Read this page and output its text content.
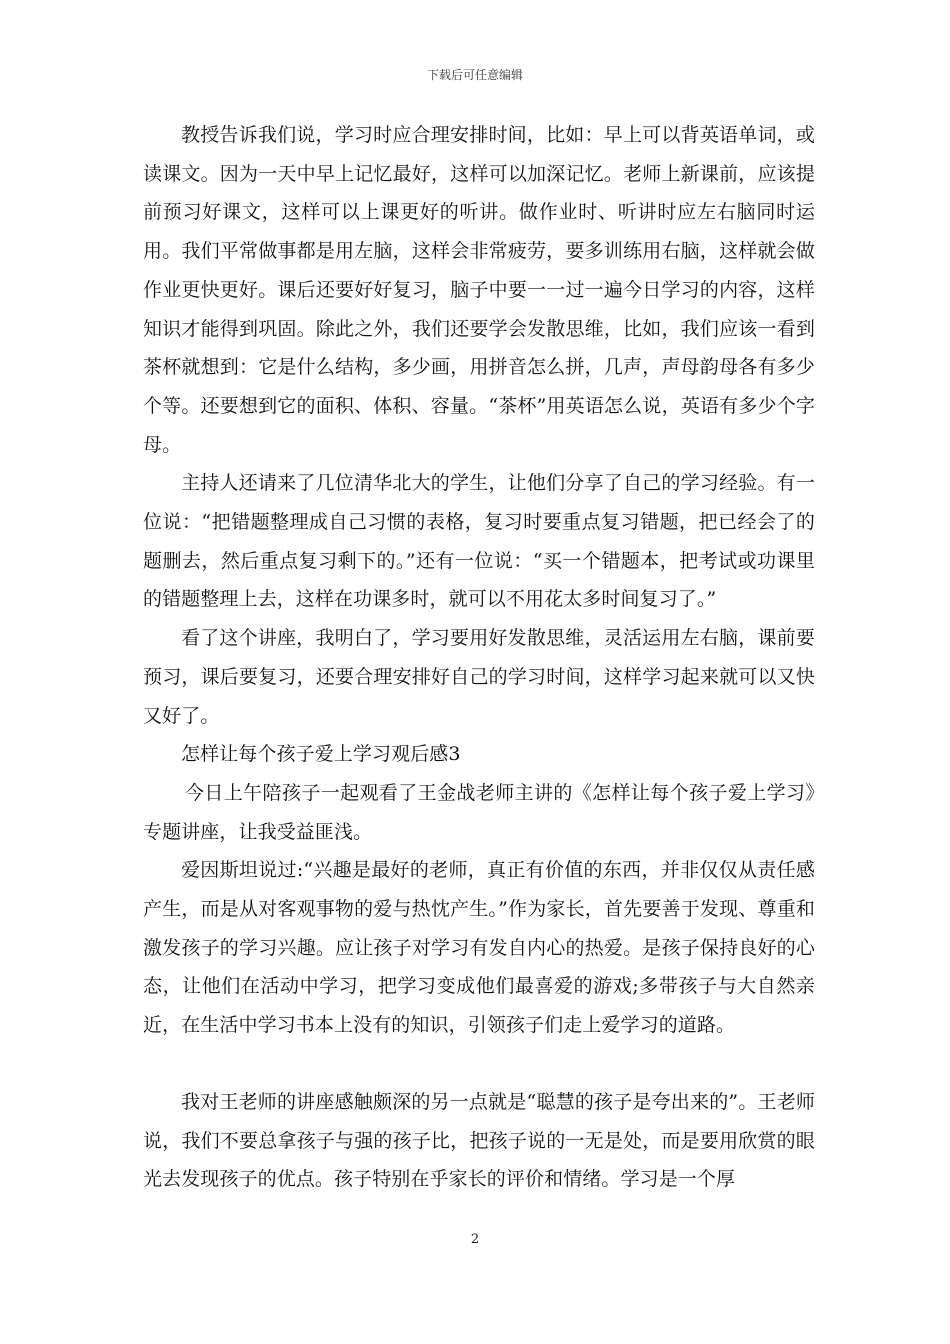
下载后可任意编辑

教授告诉我们说，学习时应合理安排时间，比如：早上可以背英语单词，或读课文。因为一天中早上记忆最好，这样可以加深记忆。老师上新课前，应该提前预习好课文，这样可以上课更好的听讲。做作业时、听讲时应左右脑同时运用。我们平常做事都是用左脑，这样会非常疲劳，要多训练用右脑，这样就会做作业更快更好。课后还要好好复习，脑子中要一一过一遍今日学习的内容，这样知识才能得到巩固。除此之外，我们还要学会发散思维，比如，我们应该一看到茶杯就想到：它是什么结构，多少画，用拼音怎么拼，几声，声母韵母各有多少个等。还要想到它的面积、体积、容量。“茶杯”用英语怎么说，英语有多少个字母。

主持人还请来了几位清华北大的学生，让他们分享了自己的学习经验。有一位说：“把错题整理成自己习惯的表格，复习时要重点复习错题，把已经会了的题删去，然后重点复习剩下的。”还有一位说：“买一个错题本，把考试或功课里的错题整理上去，这样在功课多时，就可以不用花太多时间复习了。”

看了这个讲座，我明白了，学习要用好发散思维，灵活运用左右脑，课前要预习，课后要复习，还要合理安排好自己的学习时间，这样学习起来就可以又快又好了。

怎样让每个孩子爱上学习观后感3

今日上午陪孩子一起观看了王金战老师主讲的《怎样让每个孩子爱上学习》专题讲座，让我受益匪浅。

爱因斯坦说过:“兴趣是最好的老师，真正有价值的东西，并非仅仅从责任感产生，而是从对客观事物的爱与热忱产生。”作为家长，首先要善于发现、尊重和激发孩子的学习兴趣。应让孩子对学习有发自内心的热爱。是孩子保持良好的心态，让他们在活动中学习，把学习变成他们最喜爱的游戏;多带孩子与大自然亲近，在生活中学习书本上没有的知识，引领孩子们走上爱学习的道路。

我对王老师的讲座感触颇深的另一点就是“聪慧的孩子是夸出来的”。王老师说，我们不要总拿孩子与强的孩子比，把孩子说的一无是处，而是要用欣赏的眼光去发现孩子的优点。孩子特别在乎家长的评价和情绪。学习是一个厚

2
